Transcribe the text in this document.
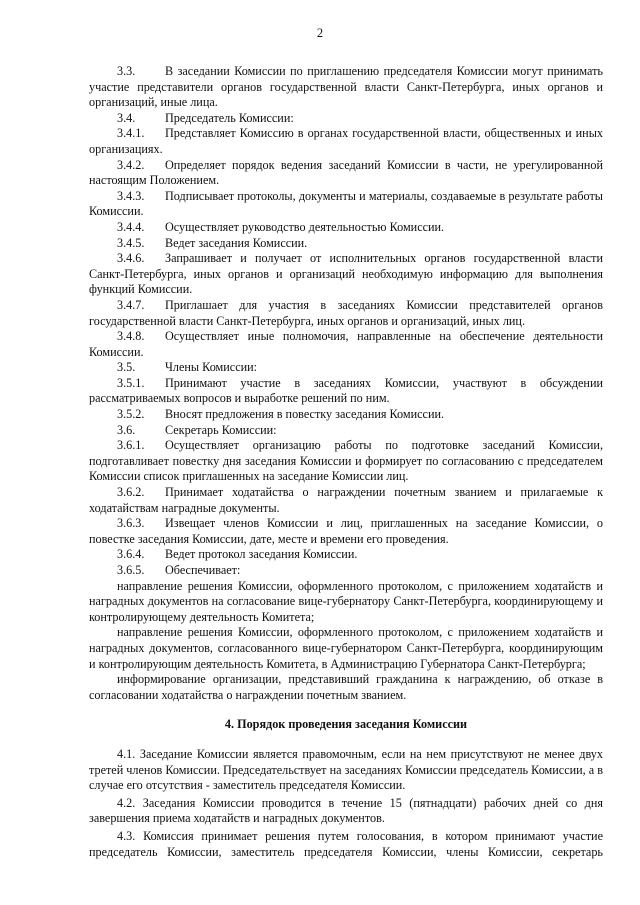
2

3.3. В заседании Комиссии по приглашению председателя Комиссии могут принимать участие представители органов государственной власти Санкт-Петербурга, иных органов и организаций, иные лица.

3.4. Председатель Комиссии:

3.4.1. Представляет Комиссию в органах государственной власти, общественных и иных организациях.

3.4.2. Определяет порядок ведения заседаний Комиссии в части, не урегулированной настоящим Положением.

3.4.3. Подписывает протоколы, документы и материалы, создаваемые в результате работы Комиссии.

3.4.4. Осуществляет руководство деятельностью Комиссии.

3.4.5. Ведет заседания Комиссии.

3.4.6. Запрашивает и получает от исполнительных органов государственной власти Санкт-Петербурга, иных органов и организаций необходимую информацию для выполнения функций Комиссии.

3.4.7. Приглашает для участия в заседаниях Комиссии представителей органов государственной власти Санкт-Петербурга, иных органов и организаций, иных лиц.

3.4.8. Осуществляет иные полномочия, направленные на обеспечение деятельности Комиссии.

3.5. Члены Комиссии:

3.5.1. Принимают участие в заседаниях Комиссии, участвуют в обсуждении рассматриваемых вопросов и выработке решений по ним.

3.5.2. Вносят предложения в повестку заседания Комиссии.

3.6. Секретарь Комиссии:

3.6.1. Осуществляет организацию работы по подготовке заседаний Комиссии, подготавливает повестку дня заседания Комиссии и формирует по согласованию с председателем Комиссии список приглашенных на заседание Комиссии лиц.

3.6.2. Принимает ходатайства о награждении почетным званием и прилагаемые к ходатайствам наградные документы.

3.6.3. Извещает членов Комиссии и лиц, приглашенных на заседание Комиссии, о повестке заседания Комиссии, дате, месте и времени его проведения.

3.6.4. Ведет протокол заседания Комиссии.

3.6.5. Обеспечивает:

направление решения Комиссии, оформленного протоколом, с приложением ходатайств и наградных документов на согласование вице-губернатору Санкт-Петербурга, координирующему и контролирующему деятельность Комитета;

направление решения Комиссии, оформленного протоколом, с приложением ходатайств и наградных документов, согласованного вице-губернатором Санкт-Петербурга, координирующим и контролирующим деятельность Комитета, в Администрацию Губернатора Санкт-Петербурга;

информирование организации, представивший гражданина к награждению, об отказе в согласовании ходатайства о награждении почетным званием.

4. Порядок проведения заседания Комиссии

4.1. Заседание Комиссии является правомочным, если на нем присутствуют не менее двух третей членов Комиссии. Председательствует на заседаниях Комиссии председатель Комиссии, а в случае его отсутствия - заместитель председателя Комиссии.

4.2. Заседания Комиссии проводится в течение 15 (пятнадцати) рабочих дней со дня завершения приема ходатайств и наградных документов.

4.3. Комиссия принимает решения путем голосования, в котором принимают участие председатель Комиссии, заместитель председателя Комиссии, члены Комиссии, секретарь
